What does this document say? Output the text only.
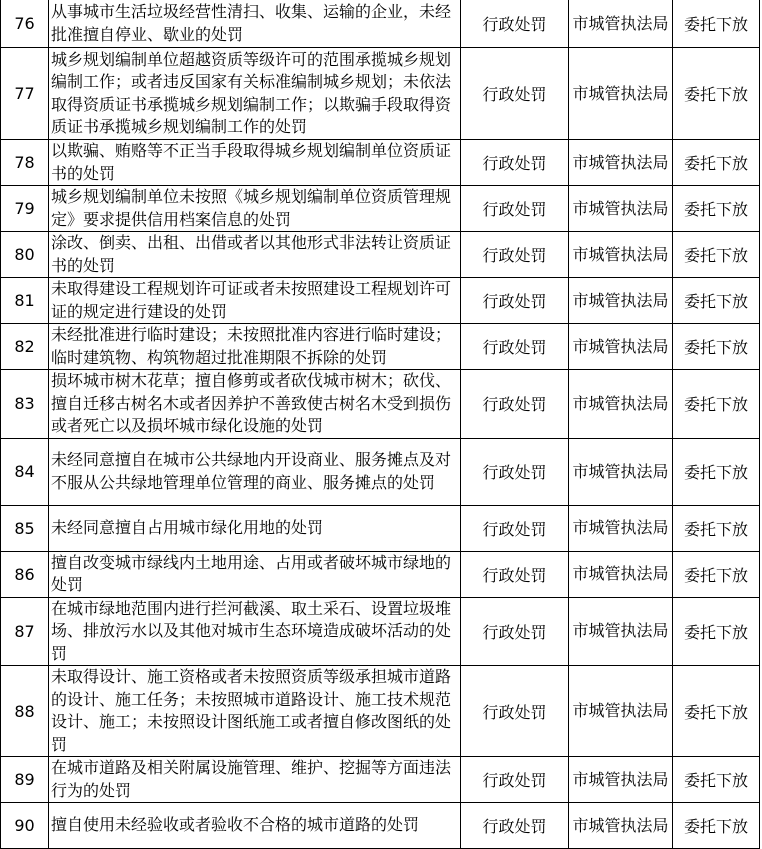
76	从事城市生活垃圾经营性清扫、收集、运输的企业，未经批准擅自停业、歇业的处罚	行政处罚	市城管执法局	委托下放
77	城乡规划编制单位超越资质等级许可的范围承揽城乡规划编制工作；或者违反国家有关标准编制城乡规划；未依法取得资质证书承揽城乡规划编制工作；以欺骗手段取得资质证书承揽城乡规划编制工作的处罚	行政处罚	市城管执法局	委托下放
78	以欺骗、贿赂等不正当手段取得城乡规划编制单位资质证书的处罚	行政处罚	市城管执法局	委托下放
79	城乡规划编制单位未按照《城乡规划编制单位资质管理规定》要求提供信用档案信息的处罚	行政处罚	市城管执法局	委托下放
80	涂改、倒卖、出租、出借或者以其他形式非法转让资质证书的处罚	行政处罚	市城管执法局	委托下放
81	未取得建设工程规划许可证或者未按照建设工程规划许可证的规定进行建设的处罚	行政处罚	市城管执法局	委托下放
82	未经批准进行临时建设；未按照批准内容进行临时建设；临时建筑物、构筑物超过批准期限不拆除的处罚	行政处罚	市城管执法局	委托下放
83	损坏城市树木花草；擅自修剪或者砍伐城市树木；砍伐、擅自迁移古树名木或者因养护不善致使古树名木受到损伤或者死亡以及损坏城市绿化设施的处罚	行政处罚	市城管执法局	委托下放
84	未经同意擅自在城市公共绿地内开设商业、服务摊点及对不服从公共绿地管理单位管理的商业、服务摊点的处罚	行政处罚	市城管执法局	委托下放
85	未经同意擅自占用城市绿化用地的处罚	行政处罚	市城管执法局	委托下放
86	擅自改变城市绿线内土地用途、占用或者破坏城市绿地的处罚	行政处罚	市城管执法局	委托下放
87	在城市绿地范围内进行拦河截溪、取土采石、设置垃圾堆场、排放污水以及其他对城市生态环境造成破坏活动的处罚	行政处罚	市城管执法局	委托下放
88	未取得设计、施工资格或者未按照资质等级承担城市道路的设计、施工任务；未按照城市道路设计、施工技术规范设计、施工；未按照设计图纸施工或者擅自修改图纸的处罚	行政处罚	市城管执法局	委托下放
89	在城市道路及相关附属设施管理、维护、挖掘等方面违法行为的处罚	行政处罚	市城管执法局	委托下放
90	擅自使用未经验收或者验收不合格的城市道路的处罚	行政处罚	市城管执法局	委托下放
